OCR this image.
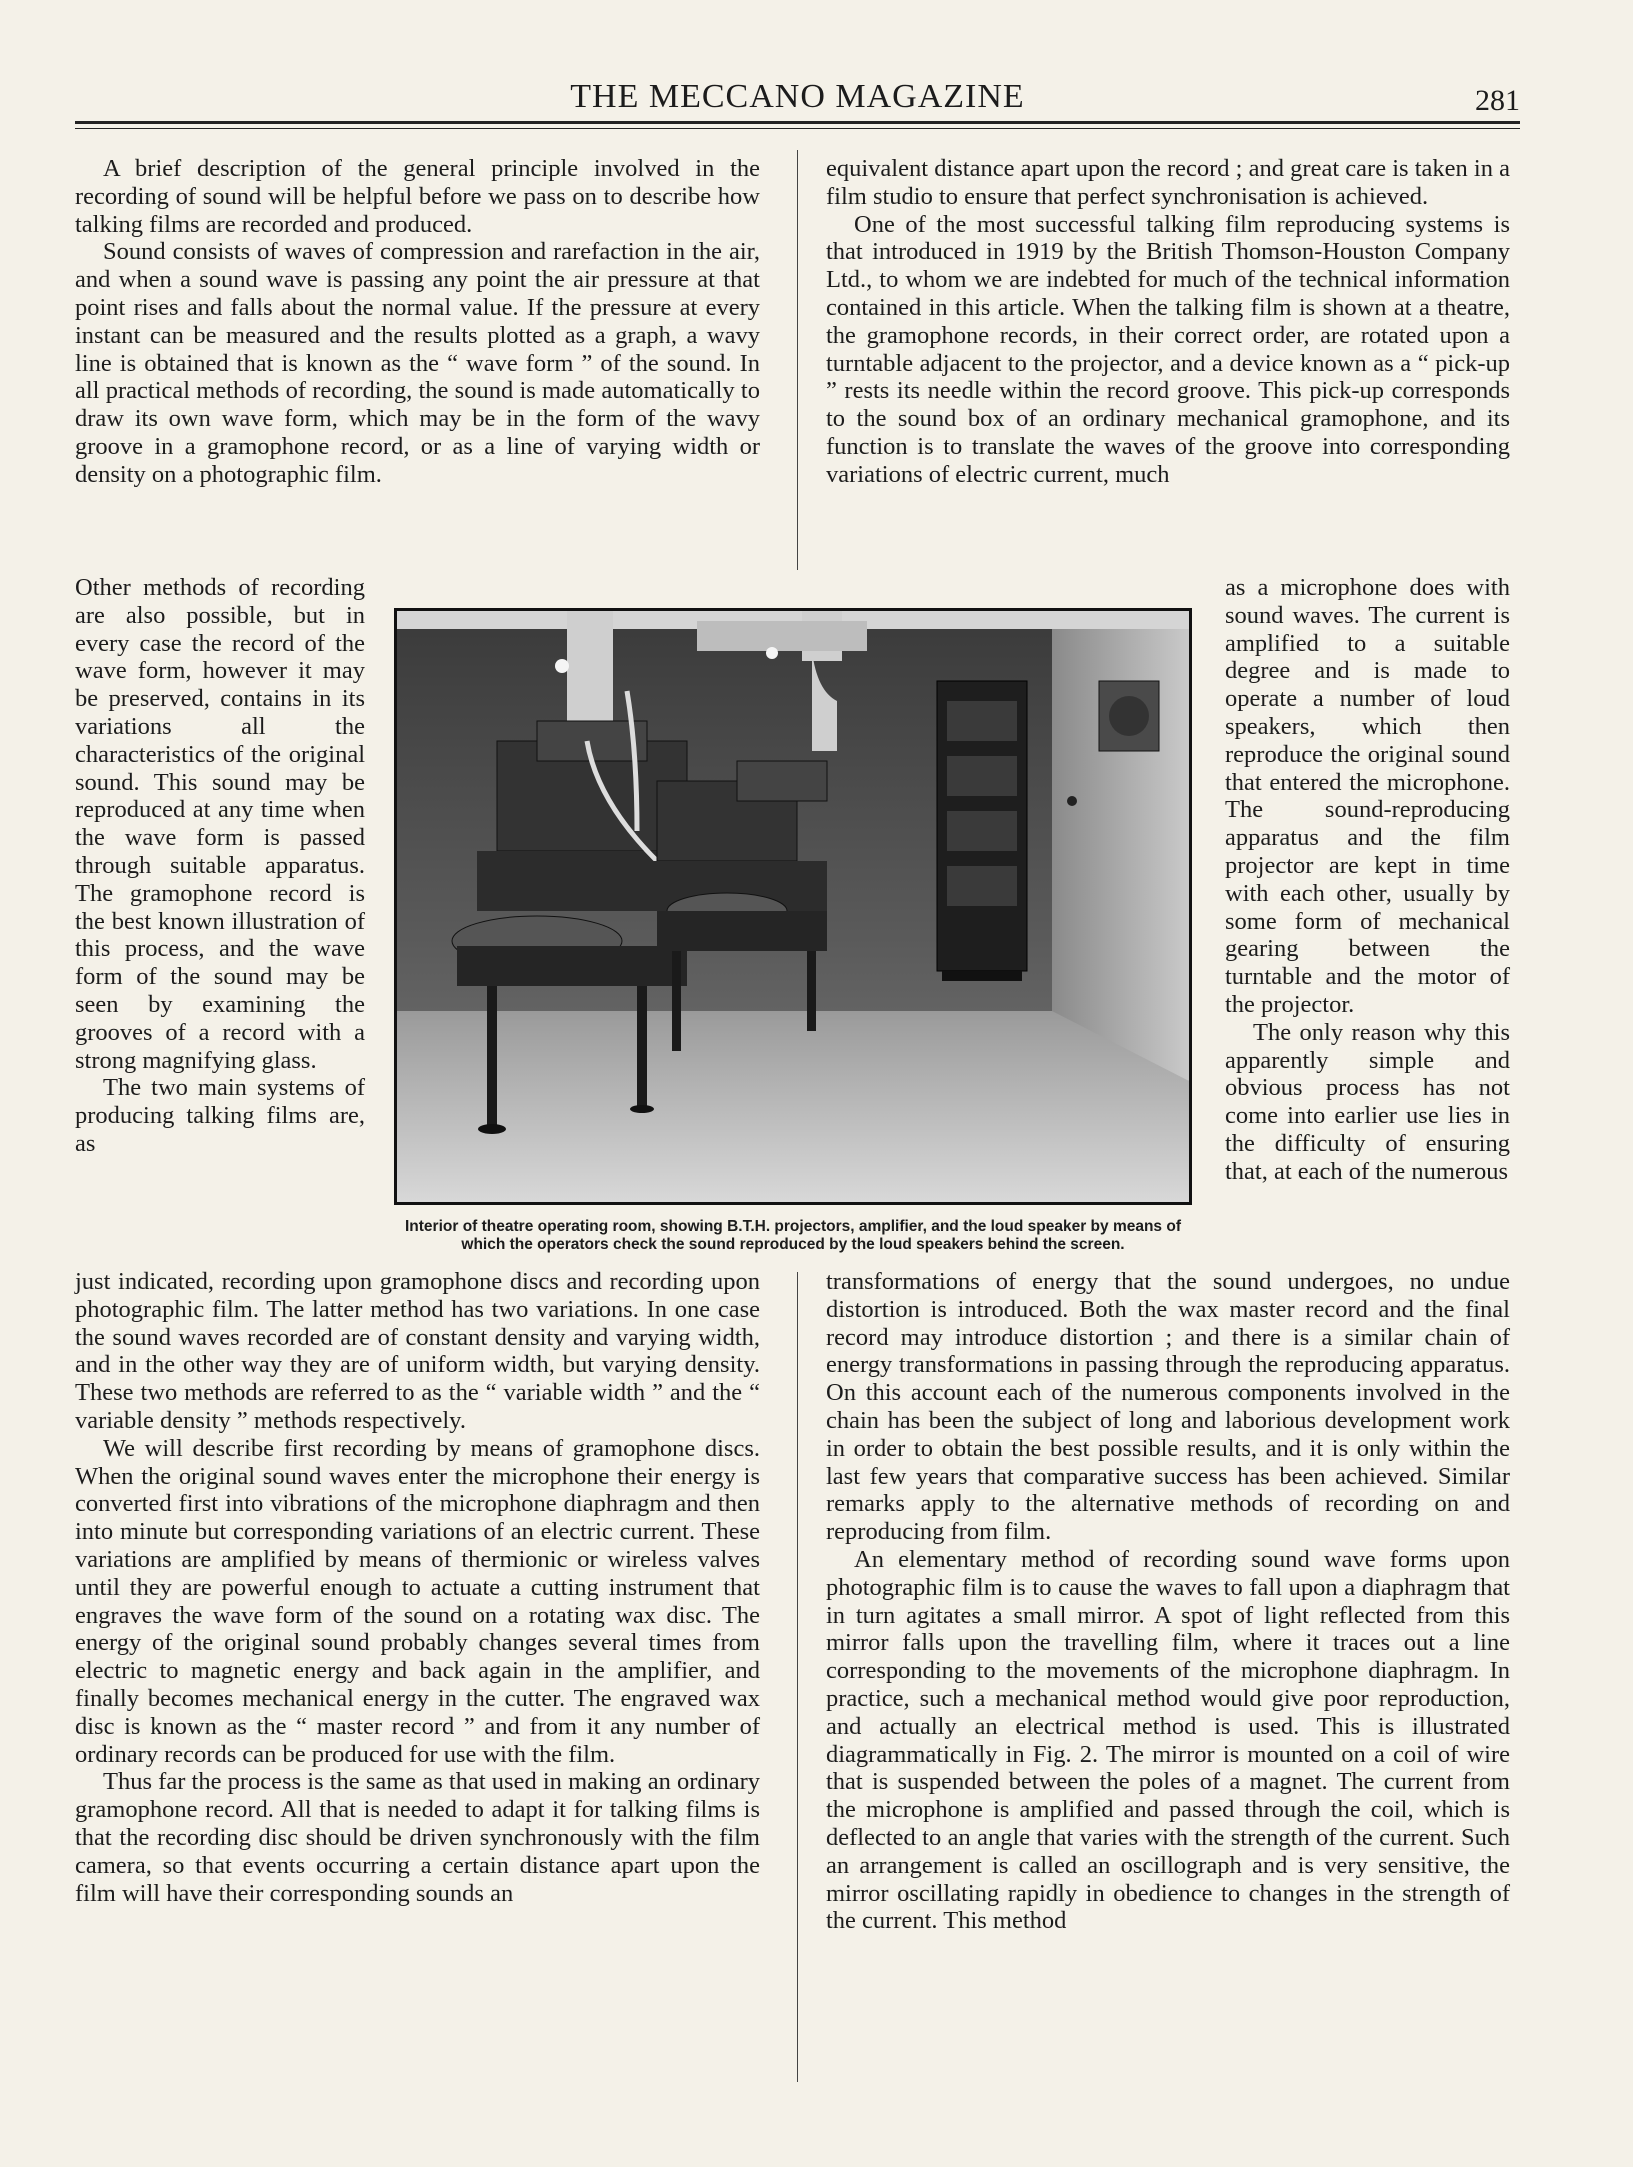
THE MECCANO MAGAZINE	281

A brief description of the general principle involved in the recording of sound will be helpful before we pass on to describe how talking films are recorded and produced.

Sound consists of waves of compression and rarefaction in the air, and when a sound wave is passing any point the air pressure at that point rises and falls about the normal value. If the pressure at every instant can be measured and the results plotted as a graph, a wavy line is obtained that is known as the “ wave form ” of the sound. In all practical methods of recording, the sound is made automatically to draw its own wave form, which may be in the form of the wavy groove in a gramophone record, or as a line of varying width or density on a photographic film.

Other methods of recording are also possible, but in every case the record of the wave form, however it may be preserved, contains in its variations all the characteristics of the original sound. This sound may be reproduced at any time when the wave form is passed through suitable apparatus. The gramophone record is the best known illustration of this process, and the wave form of the sound may be seen by examining the grooves of a record with a strong magnifying glass.

The two main systems of producing talking films are, as

just indicated, recording upon gramophone discs and recording upon photographic film. The latter method has two variations. In one case the sound waves recorded are of constant density and varying width, and in the other way they are of uniform width, but varying density. These two methods are referred to as the “ variable width ” and the “ variable density ” methods respectively.

We will describe first recording by means of gramophone discs. When the original sound waves enter the microphone their energy is converted first into vibrations of the microphone diaphragm and then into minute but corresponding variations of an electric current. These variations are amplified by means of thermionic or wireless valves until they are powerful enough to actuate a cutting instrument that engraves the wave form of the sound on a rotating wax disc. The energy of the original sound probably changes several times from electric to magnetic energy and back again in the amplifier, and finally becomes mechanical energy in the cutter. The engraved wax disc is known as the “ master record ” and from it any number of ordinary records can be produced for use with the film.

Thus far the process is the same as that used in making an ordinary gramophone record. All that is needed to adapt it for talking films is that the recording disc should be driven synchronously with the film camera, so that events occurring a certain distance apart upon the film will have their corresponding sounds an

equivalent distance apart upon the record ; and great care is taken in a film studio to ensure that perfect synchronisation is achieved.

One of the most successful talking film reproducing systems is that introduced in 1919 by the British Thomson-Houston Company Ltd., to whom we are indebted for much of the technical information contained in this article. When the talking film is shown at a theatre, the gramophone records, in their correct order, are rotated upon a turntable adjacent to the projector, and a device known as a “ pick-up ” rests its needle within the record groove. This pick-up corresponds to the sound box of an ordinary mechanical gramophone, and its function is to translate the waves of the groove into corresponding variations of electric current, much

as a microphone does with sound waves. The current is amplified to a suitable degree and is made to operate a number of loud speakers, which then reproduce the original sound that entered the microphone. The sound-reproducing apparatus and the film projector are kept in time with each other, usually by some form of mechanical gearing between the turntable and the motor of the projector.

The only reason why this apparently simple and obvious process has not come into earlier use lies in the difficulty of ensuring that, at each of the numerous

transformations of energy that the sound undergoes, no undue distortion is introduced. Both the wax master record and the final record may introduce distortion ; and there is a similar chain of energy transformations in passing through the reproducing apparatus. On this account each of the numerous components involved in the chain has been the subject of long and laborious development work in order to obtain the best possible results, and it is only within the last few years that comparative success has been achieved. Similar remarks apply to the alternative methods of recording on and reproducing from film.

An elementary method of recording sound wave forms upon photographic film is to cause the waves to fall upon a diaphragm that in turn agitates a small mirror. A spot of light reflected from this mirror falls upon the travelling film, where it traces out a line corresponding to the movements of the microphone diaphragm. In practice, such a mechanical method would give poor reproduction, and actually an electrical method is used. This is illustrated diagrammatically in Fig. 2. The mirror is mounted on a coil of wire that is suspended between the poles of a magnet. The current from the microphone is amplified and passed through the coil, which is deflected to an angle that varies with the strength of the current. Such an arrangement is called an oscillograph and is very sensitive, the mirror oscillating rapidly in obedience to changes in the strength of the current. This method

Interior of theatre operating room, showing B.T.H. projectors, amplifier, and the loud speaker by means of which the operators check the sound reproduced by the loud speakers behind the screen.
